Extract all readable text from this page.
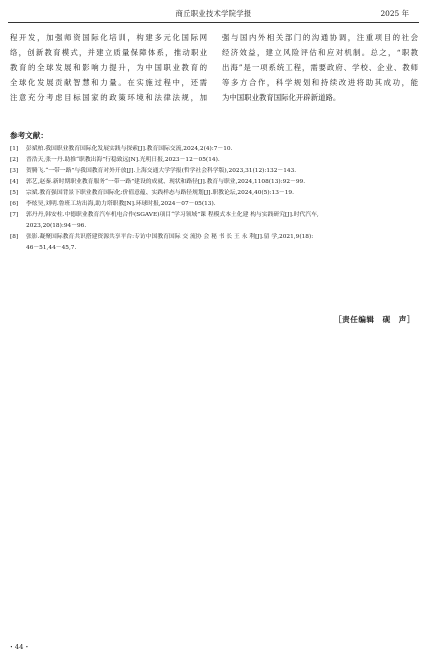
商丘职业技术学院学报	2025 年
程开发，加强师资国际化培训，构建多元化国际网
络，创新教育模式，并建立质量保障体系，推动职业
教育的全球发展和影响力提升，为中国职业教育的
全球化发展贡献智慧和力量。在实施过程中，还需
注意充分考虑目标国家的政策环境和法律法规，加
强与国内外相关部门的沟通协调，注重项目的社会
经济效益，建立风险评估和应对机制。总之，“职教
出海”是一项系统工程，需要政府、学校、企业、教师
等多方合作，科学规划和持续改进将助其成功，能
为中国职业教育国际化开辟新道路。
参考文献：
[1]	彭斌柏.我国职业教育国际化发展实践与探索[J].教育国际交流,2024,2(4):7－10.
[2]	晋浩天,张一丹.助推“职教出海”行稳致远[N].光明日报,2023－12－05(14).
[3]	贺腾飞.“一带一路”与我国教育对外开放[J].上海交通大学学报(哲学社会科学版),2023,31(12):132－143.
[4]	郭艺,赵秦.新时期职业教育服务“一带一路”建设的成就、现状和路径[J].教育与职业,2024,1108(13):92－99.
[5]	宗斌.教育强国背景下职业教育国际化:价值意蕴、实践样态与路径规划[J].职教论坛,2024,40(5):13－19.
[6]	李炫昊,刘明.鲁班工坊出海,助力塔职教[N].环球时报,2024－07－05(13).
[7]	郭丹丹,韩安柱.中德职业教育汽车机电合作(SGAVE)项目“学习领域”课 程模式本土化建 构与实践研究[J].时代汽车,
2023,20(18):94－96.
[8]	张影.凝聚国际教育共识搭建资源共享平台:专访中国教育国际 交 流协 会 秘 书 长 王 永 利[J].留 学,2021,9(18):
46－51,44－45,7.
［责任编辑　砚　声］
・44・
